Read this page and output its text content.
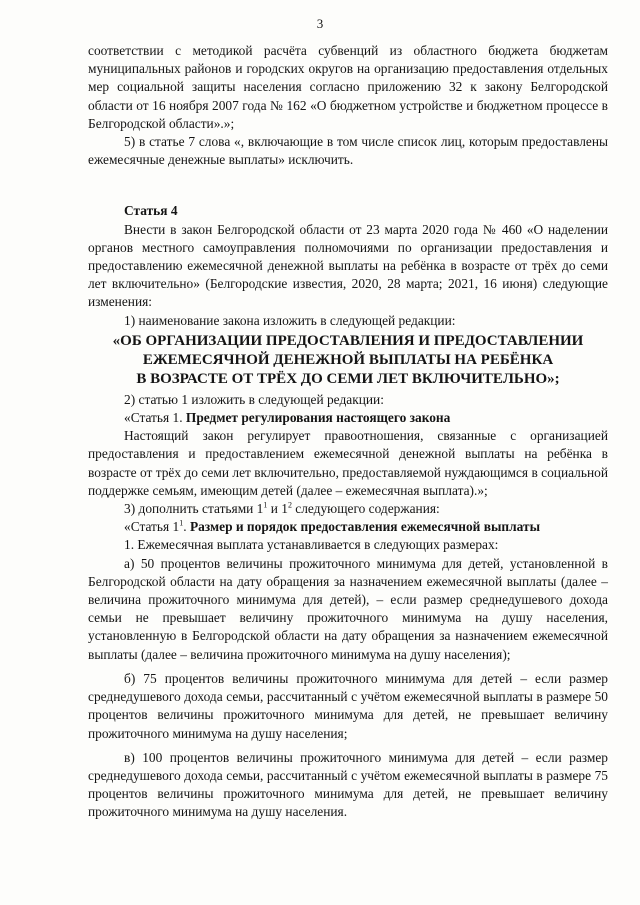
3

соответствии с методикой расчёта субвенций из областного бюджета бюджетам муниципальных районов и городских округов на организацию предоставления отдельных мер социальной защиты населения согласно приложению 32 к закону Белгородской области от 16 ноября 2007 года № 162 «О бюджетном устройстве и бюджетном процессе в Белгородской области».»;

5) в статье 7 слова «, включающие в том числе список лиц, которым предоставлены ежемесячные денежные выплаты» исключить.

Статья 4

Внести в закон Белгородской области от 23 марта 2020 года № 460 «О наделении органов местного самоуправления полномочиями по организации предоставления и предоставлению ежемесячной денежной выплаты на ребёнка в возрасте от трёх до семи лет включительно» (Белгородские известия, 2020, 28 марта; 2021, 16 июня) следующие изменения:

1) наименование закона изложить в следующей редакции:

«ОБ ОРГАНИЗАЦИИ ПРЕДОСТАВЛЕНИЯ И ПРЕДОСТАВЛЕНИИ
ЕЖЕМЕСЯЧНОЙ ДЕНЕЖНОЙ ВЫПЛАТЫ НА РЕБЁНКА
В ВОЗРАСТЕ ОТ ТРЁХ ДО СЕМИ ЛЕТ ВКЛЮЧИТЕЛЬНО»;

2) статью 1 изложить в следующей редакции:

«Статья 1. Предмет регулирования настоящего закона

Настоящий закон регулирует правоотношения, связанные с организацией предоставления и предоставлением ежемесячной денежной выплаты на ребёнка в возрасте от трёх до семи лет включительно, предоставляемой нуждающимся в социальной поддержке семьям, имеющим детей (далее – ежемесячная выплата).»;

3) дополнить статьями $1^1$ и $1^2$ следующего содержания:

«Статья $1^1$. Размер и порядок предоставления ежемесячной выплаты

1. Ежемесячная выплата устанавливается в следующих размерах:

а) 50 процентов величины прожиточного минимума для детей, установленной в Белгородской области на дату обращения за назначением ежемесячной выплаты (далее – величина прожиточного минимума для детей), – если размер среднедушевого дохода семьи не превышает величину прожиточного минимума на душу населения, установленную в Белгородской области на дату обращения за назначением ежемесячной выплаты (далее – величина прожиточного минимума на душу населения);

б) 75 процентов величины прожиточного минимума для детей – если размер среднедушевого дохода семьи, рассчитанный с учётом ежемесячной выплаты в размере 50 процентов величины прожиточного минимума для детей, не превышает величину прожиточного минимума на душу населения;

в) 100 процентов величины прожиточного минимума для детей – если размер среднедушевого дохода семьи, рассчитанный с учётом ежемесячной выплаты в размере 75 процентов величины прожиточного минимума для детей, не превышает величину прожиточного минимума на душу населения.
